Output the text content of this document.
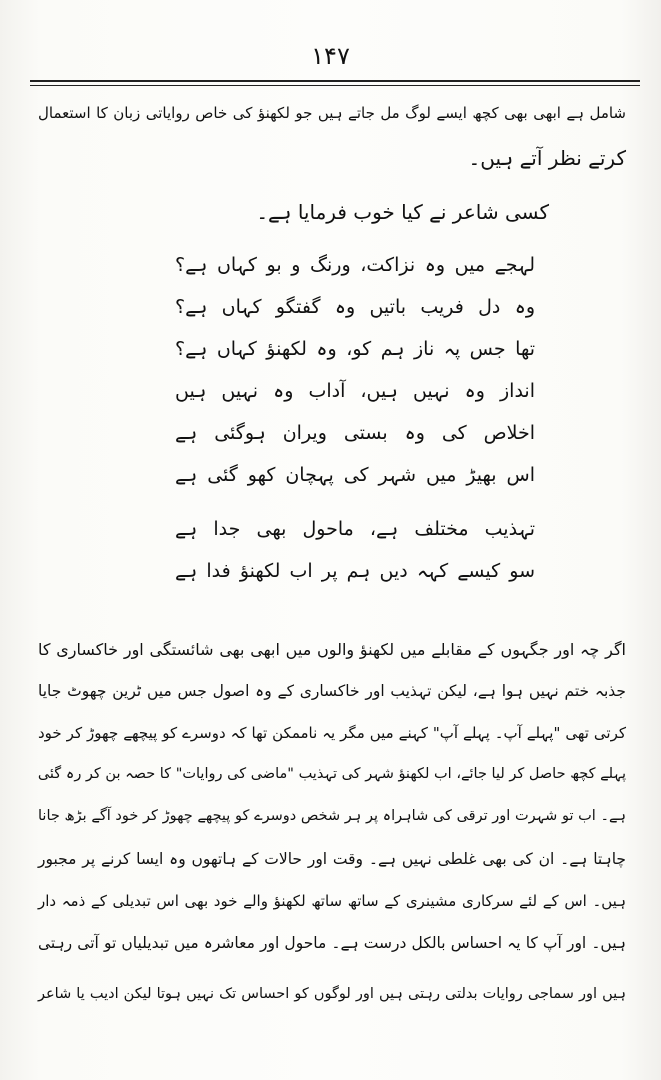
۱۴۷
شامل ہے ابھی بھی کچھ ایسے لوگ مل جاتے ہیں جو لکھنؤ کی خاص روایاتی زبان کا استعمال
کرتے نظر آتے ہیں۔
کسی شاعر نے کیا خوب فرمایا ہے۔
لہجے میں وہ نزاکت، ورنگ و بو کہاں ہے؟
وہ دل فریب باتیں وہ گفتگو کہاں ہے؟
تھا جس پہ ناز ہم کو، وہ لکھنؤ کہاں ہے؟
انداز وہ نہیں ہیں، آداب وہ نہیں ہیں
اخلاص کی وہ بستی ویران ہوگئی ہے
اس بھیڑ میں شہر کی پہچان کھو گئی ہے
تہذیب مختلف ہے، ماحول بھی جدا ہے
سو کیسے کہہ دیں ہم پر اب لکھنؤ فدا ہے
اگر چہ اور جگہوں کے مقابلے میں لکھنؤ والوں میں ابھی بھی شائستگی اور خاکساری کا
جذبہ ختم نہیں ہوا ہے، لیکن تہذیب اور خاکساری کے وہ اصول جس میں ٹرین چھوٹ جایا
کرتی تھی "پہلے آپ۔ پہلے آپ" کہنے میں مگر یہ ناممکن تھا کہ دوسرے کو پیچھے چھوڑ کر خود
پہلے کچھ حاصل کر لیا جائے، اب لکھنؤ شہر کی تہذیب "ماضی کی روایات" کا حصہ بن کر رہ گئی
ہے۔ اب تو شہرت اور ترقی کی شاہراہ پر ہر شخص دوسرے کو پیچھے چھوڑ کر خود آگے بڑھ جانا
چاہتا ہے۔ ان کی بھی غلطی نہیں ہے۔ وقت اور حالات کے ہاتھوں وہ ایسا کرنے پر مجبور
ہیں۔ اس کے لئے سرکاری مشینری کے ساتھ ساتھ لکھنؤ والے خود بھی اس تبدیلی کے ذمہ دار
ہیں۔ اور آپ کا یہ احساس بالکل درست ہے۔ ماحول اور معاشرہ میں تبدیلیاں تو آتی رہتی
ہیں اور سماجی روایات بدلتی رہتی ہیں اور لوگوں کو احساس تک نہیں ہوتا لیکن ادیب یا شاعر
